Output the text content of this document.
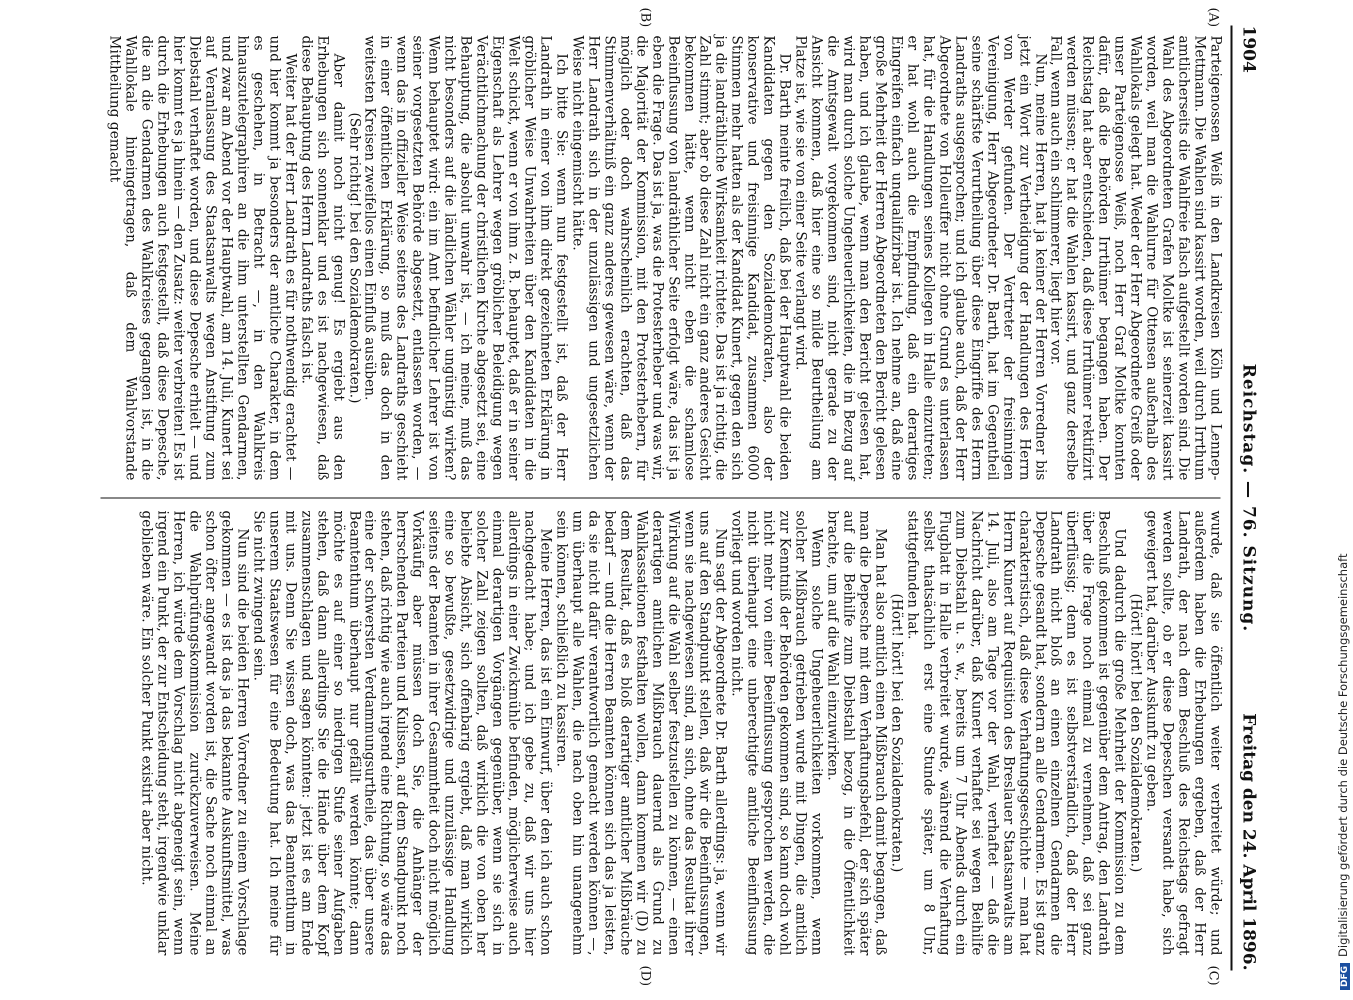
1904
Reichstag. — 76. Sitzung.
Freitag den 24. April 1896.
(A)
(B)
(C)
(D)

Parteigenossen Weiß in den Landkreisen Köln und Lennep-Mettmann. Die Wahlen sind kassirt worden, weil durch Irrthum amtlicherseits die Wahlfreie falsch aufgestellt worden sind. Die Wahl des Abgeordneten Grafen Moltke ist seinerzeit kassirt worden, weil man die Wahlurne für Ottensen außerhalb des Wahllokals gelegt hat. Weder der Herr Abgeordnete Greiß oder unser Parteigenosse Weiß, noch Herr Graf Moltke konnten dafür, daß die Behörden Irrthümer begangen haben. Der Reichstag hat aber entschieden, daß diese Irrthümer rektifizirt werden müssen; er hat die Wahlen kassirt, und ganz derselbe Fall, wenn auch ein schlimmerer, liegt hier vor.

Nun, meine Herren, hat ja keiner der Herren Vorredner bis jetzt ein Wort zur Vertheidigung der Handlungen des Herrn von Werder gefunden. Der Vertreter der freisinnigen Vereinigung, Herr Abgeordneter Dr. Barth, hat im Gegentheil seine schärfste Verurtheilung über diese Eingriffe des Herrn Landraths ausgesprochen; und ich glaube auch, daß der Herr Abgeordnete von Holleuffer nicht ohne Grund es unterlassen hat, für die Handlungen seines Kollegen in Halle einzutreten; er hat wohl auch die Empfindung, daß ein derartiges Eingreifen einfach unqualifizirbar ist. Ich nehme an, daß eine große Mehrheit der Herren Abgeordneten den Bericht gelesen haben, und ich glaube, wenn man den Bericht gelesen hat, wird man durch solche Ungeheuerlichkeiten, die in Bezug auf die Amtsgewalt vorgekommen sind, nicht gerade zu der Ansicht kommen, daß hier eine so milde Beurtheilung am Platze ist, wie sie von einer Seite verlangt wird.

Dr. Barth meinte freilich, daß bei der Hauptwahl die beiden Kandidaten gegen den Sozialdemokraten, also der konservative und freisinnige Kandidat, zusammen 6000 Stimmen mehr hatten als der Kandidat Kunert, gegen den sich ja die landräthliche Wirksamkeit richtete. Das ist ja richtig, die Zahl stimmt; aber ob diese Zahl nicht ein ganz anderes Gesicht bekommen hätte, wenn nicht eben die schamlose Beeinflussung von landräthlicher Seite erfolgt wäre, das ist ja eben die Frage. Das ist ja, was die Protesterheber und was wir, die Majorität der Kommission, mit den Protesterhebern, für möglich oder doch wahrscheinlich erachten, daß das Stimmenverhältniß ein ganz anderes gewesen wäre, wenn der Herr Landrath sich in der unzulässigen und ungesetzlichen Weise nicht eingemischt hätte.

Ich bitte Sie: wenn nun festgestellt ist, daß der Herr Landrath in einer von ihm direkt gezeichneten Erklärung in gröblicher Weise Unwahrheiten über den Kandidaten in die Welt schickt, wenn er von ihm z. B. behauptet, daß er in seiner Eigenschaft als Lehrer wegen gröblicher Beleidigung wegen Verächtlichmachung der christlichen Kirche abgesetzt sei, eine Behauptung, die absolut unwahr ist, — ich meine, muß das nicht besonders auf die ländlichen Wähler ungünstig wirken? Wenn behauptet wird: ein im Amt befindlicher Lehrer ist von seiner vorgesetzten Behörde abgesetzt, entlassen worden, — wenn das in offizieller Weise seitens des Landraths geschieht in einer öffentlichen Erklärung, so muß das doch in den weitesten Kreisen zweifellos einen Einfluß ausüben.

(Sehr richtig! bei den Sozialdemokraten.)

Aber damit noch nicht genug! Es ergiebt aus den Erhebungen sich sonnenklar und es ist nachgewiesen, daß diese Behauptung des Herrn Landraths falsch ist.

Weiter hat der Herr Landrath es für nothwendig erachtet — und hier kommt ja besonders der amtliche Charakter, in dem es geschehen, in Betracht —, in den Wahlkreis hinauszutelegraphiren an die ihm unterstellten Gendarmen, und zwar am Abend vor der Hauptwahl, am 14. Juli, Kunert sei auf Veranlassung des Staatsanwalts wegen Anstiftung zum Diebstahl verhaftet worden, und diese Depesche erhielt — und hier kommt es ja hinein — den Zusatz: weiter verbreiten! Es ist durch die Erhebungen auch festgestellt, daß diese Depesche, die an die Gendarmen des Wahlkreises gegangen ist, in die Wahllokale hineingetragen, daß dem Wahlvorstande Mittheilung gemacht

wurde, daß sie öffentlich weiter verbreitet würde; und außerdem haben die Erhebungen ergeben, daß der Herr Landrath, der nach dem Beschluß des Reichstags gefragt werden sollte, ob er diese Depeschen versandt habe, sich geweigert hat, darüber Auskunft zu geben.

(Hört! hört! bei den Sozialdemokraten.)

Und dadurch die große Mehrheit der Kommission zu dem Beschluß gekommen ist gegenüber dem Antrag, den Landrath über die Frage noch einmal zu vernehmen, daß sei ganz überflüssig; denn es ist selbstverständlich, daß der Herr Landrath nicht bloß an einen einzelnen Gendarmen die Depesche gesandt hat, sondern an alle Gendarmen. Es ist ganz charakteristisch, daß diese Verhaftungsgeschichte — man hat Herrn Kunert auf Requisition des Breslauer Staatsanwalts am 14. Juli, also am Tage vor der Wahl, verhaftet — daß die Nachricht darüber, daß Kunert verhaftet sei wegen Beihilfe zum Diebstahl u. s. w., bereits um 7 Uhr Abends durch ein Flugblatt in Halle verbreitet wurde, während die Verhaftung selbst thatsächlich erst eine Stunde später, um 8 Uhr, stattgefunden hat.

(Hört! hört! bei den Sozialdemokraten.)

Man hat also amtlich einen Mißbrauch damit begangen, daß man die Depesche mit dem Verhaftungsbefehl, der sich später auf die Beihilfe zum Diebstahl bezog, in die Öffentlichkeit brachte, um auf die Wahl einzuwirken.

Wenn solche Ungeheuerlichkeiten vorkommen, wenn solcher Mißbrauch getrieben wurde mit Dingen, die amtlich zur Kenntniß der Behörden gekommen sind, so kann doch wohl nicht mehr von einer Beeinflussung gesprochen werden, die nicht überhaupt eine unberechtigte amtliche Beeinflussung vorliegt und worden nicht.

Nun sagt der Abgeordnete Dr. Barth allerdings: ja, wenn wir uns auf den Standpunkt stellen, daß wir die Beeinflussungen, wenn sie nachgewiesen sind, an sich, ohne das Resultat ihrer Wirkung auf die Wahl selber festzustellen zu können, — einen derartigen amtlichen Mißbrauch dauernd als Grund zu Wahlkassationen festhalten wollen, dann kommen wir (D) zu dem Resultat, daß es bloß derartiger amtlicher Mißbräuche bedarf — und die Herren Beamten können sich das ja leisten, da sie nicht dafür verantwortlich gemacht werden können —, um überhaupt alle Wahlen, die nach oben hin unangenehm sein können, schließlich zu kassiren.

Meine Herren, das ist ein Einwurf, über den ich auch schon nachgedacht habe; und ich gebe zu, daß wir uns hier allerdings in einer Zwickmühle befinden, möglicherweise auch einmal derartigen Vorgängen gegenüber, wenn sie sich in solcher Zahl zeigen sollten, daß wirklich die von oben her beliebte Absicht, sich offenbarig ergiebt, daß man wirklich eine so bewußte, gesetzwidrige und unzulässige Handlung seitens der Beamten in ihrer Gesammtheit doch nicht möglich Vorkäufig aber müssen doch Sie, die Anhänger der herrschenden Parteien und Kulissen, auf dem Standpunkt noch stehen, daß richtig wie auch irgend eine Richtung, so wäre das eine der schwersten Verdammungsurtheile, das über unsere Beamtenthum überhaupt nur gefällt werden könnte; dann möchte es auf einer so niedrigen Stufe seiner Aufgaben stehen, daß dann allerdings Sie die Hände über dem Kopf zusammenschlagen und sagen könnten: jetzt ist es am Ende mit uns. Denn Sie wissen doch, was das Beamtenthum in unserem Staatswesen für eine Bedeutung hat. Ich meine für Sie nicht zwingend sein.

Nun sind die beiden Herren Vorredner zu einem Vorschlage gekommen — es ist das ja das bekannte Auskunftsmittel, was schon öfter angewandt worden ist, die Sache noch einmal an die Wahlprüfungskommission zurückzuverweisen. Meine Herren, ich würde dem Vorschlag nicht abgeneigt sein, wenn irgend ein Punkt, der zur Entscheidung steht, irgendwie unklar geblieben wäre. Ein solcher Punkt existirt aber nicht.

DFGDigitalisierung gefördert durch die Deutsche Forschungsgemeinschaft
